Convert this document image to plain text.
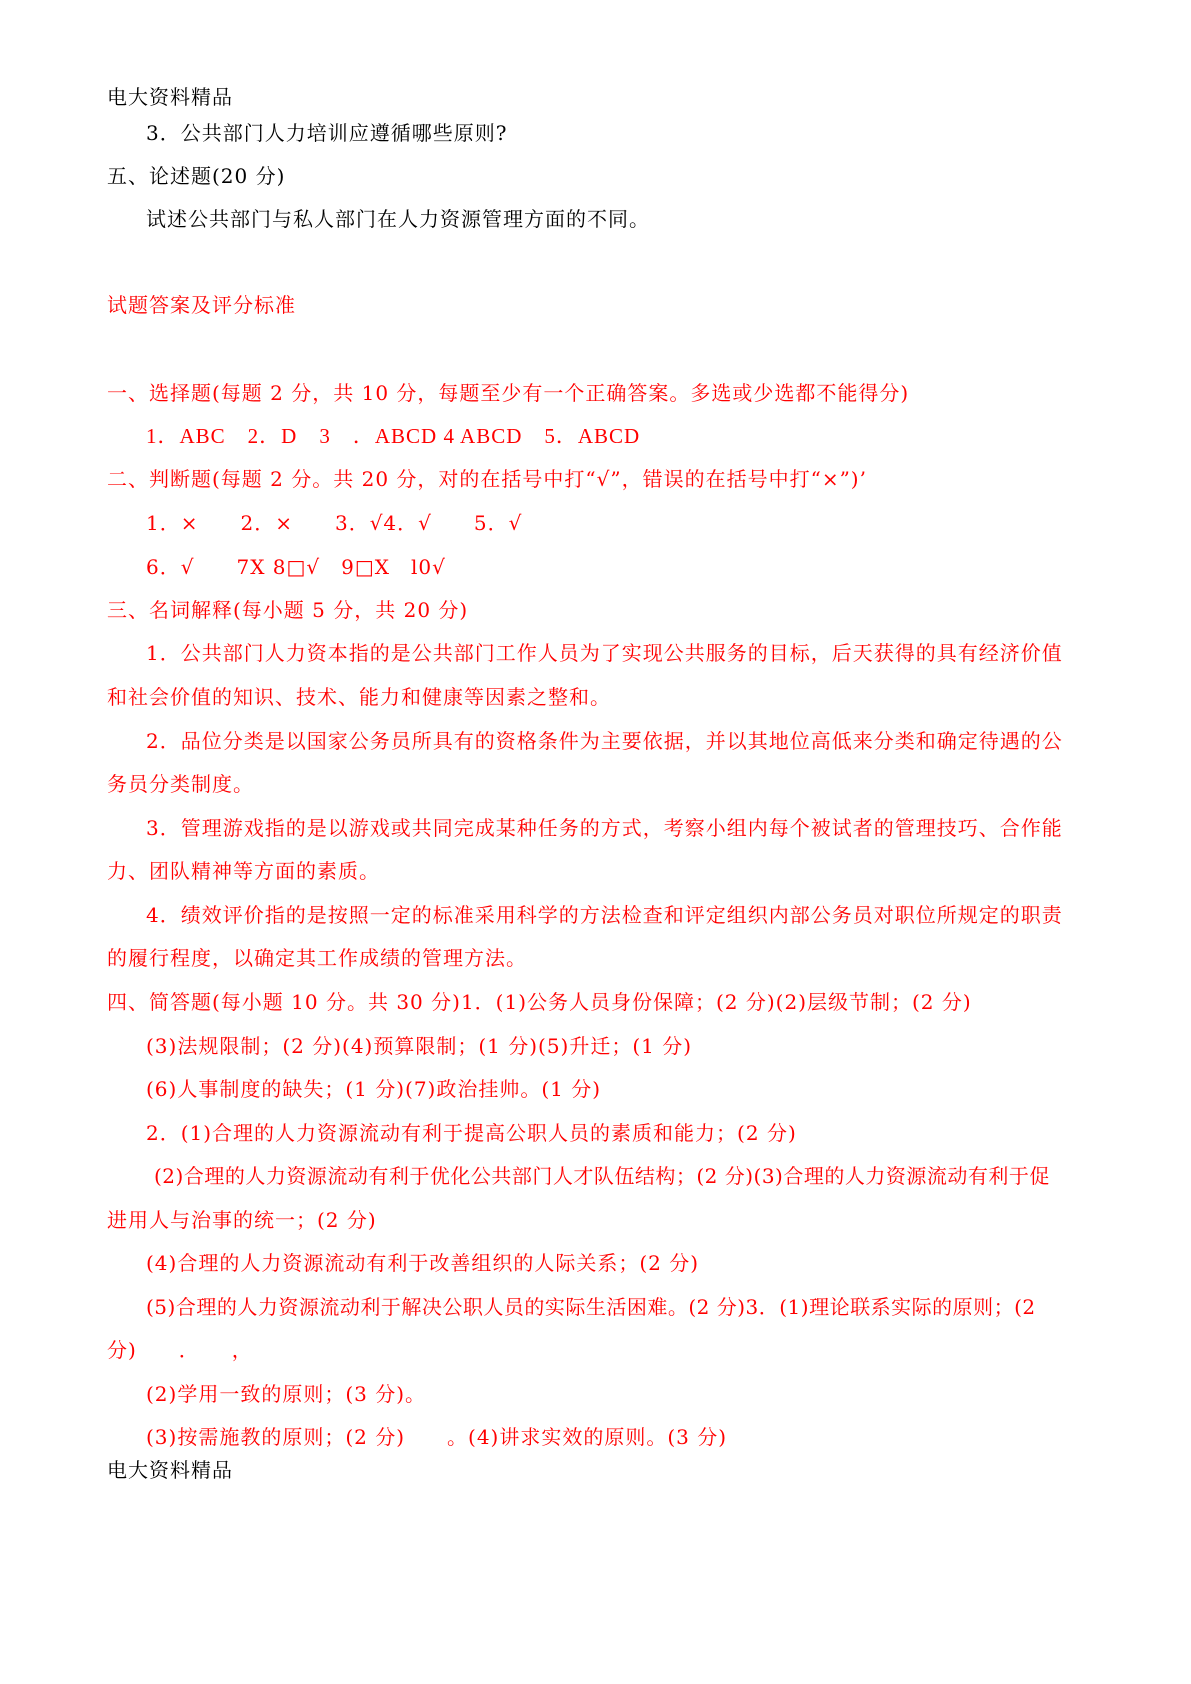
电大资料精品
3．公共部门人力培训应遵循哪些原则?
五、论述题(20 分)
试述公共部门与私人部门在人力资源管理方面的不同。
试题答案及评分标准
一、选择题(每题 2 分，共 10 分，每题至少有一个正确答案。多选或少选都不能得分)
1．ABC　2．D　3　．ABCD 4 ABCD　5．ABCD
二、判断题(每题 2 分。共 20 分，对的在括号中打“√”，错误的在括号中打“×”)’
1．×　　2．×　　3．√4．√　　5．√
6．√　　7X 8□√　9□X　l0√
三、名词解释(每小题 5 分，共 20 分)
1．公共部门人力资本指的是公共部门工作人员为了实现公共服务的目标，后天获得的具有经济价值
和社会价值的知识、技术、能力和健康等因素之整和。
2．品位分类是以国家公务员所具有的资格条件为主要依据，并以其地位高低来分类和确定待遇的公
务员分类制度。
3．管理游戏指的是以游戏或共同完成某种任务的方式，考察小组内每个被试者的管理技巧、合作能
力、团队精神等方面的素质。
4．绩效评价指的是按照一定的标准采用科学的方法检查和评定组织内部公务员对职位所规定的职责
的履行程度，以确定其工作成绩的管理方法。
四、简答题(每小题 10 分。共 30 分)1．(1)公务人员身份保障；(2 分)(2)层级节制；(2 分)
(3)法规限制；(2 分)(4)预算限制；(1 分)(5)升迁；(1 分)
(6)人事制度的缺失；(1 分)(7)政治挂帅。(1 分)
2．(1)合理的人力资源流动有利于提高公职人员的素质和能力；(2 分)
(2)合理的人力资源流动有利于优化公共部门人才队伍结构；(2 分)(3)合理的人力资源流动有利于促
进用人与治事的统一；(2 分)
(4)合理的人力资源流动有利于改善组织的人际关系；(2 分)
(5)合理的人力资源流动利于解决公职人员的实际生活困难。(2 分)3．(1)理论联系实际的原则；(2
分)　　．　　，
(2)学用一致的原则；(3 分)。
(3)按需施教的原则；(2 分)　　。(4)讲求实效的原则。(3 分)
电大资料精品
